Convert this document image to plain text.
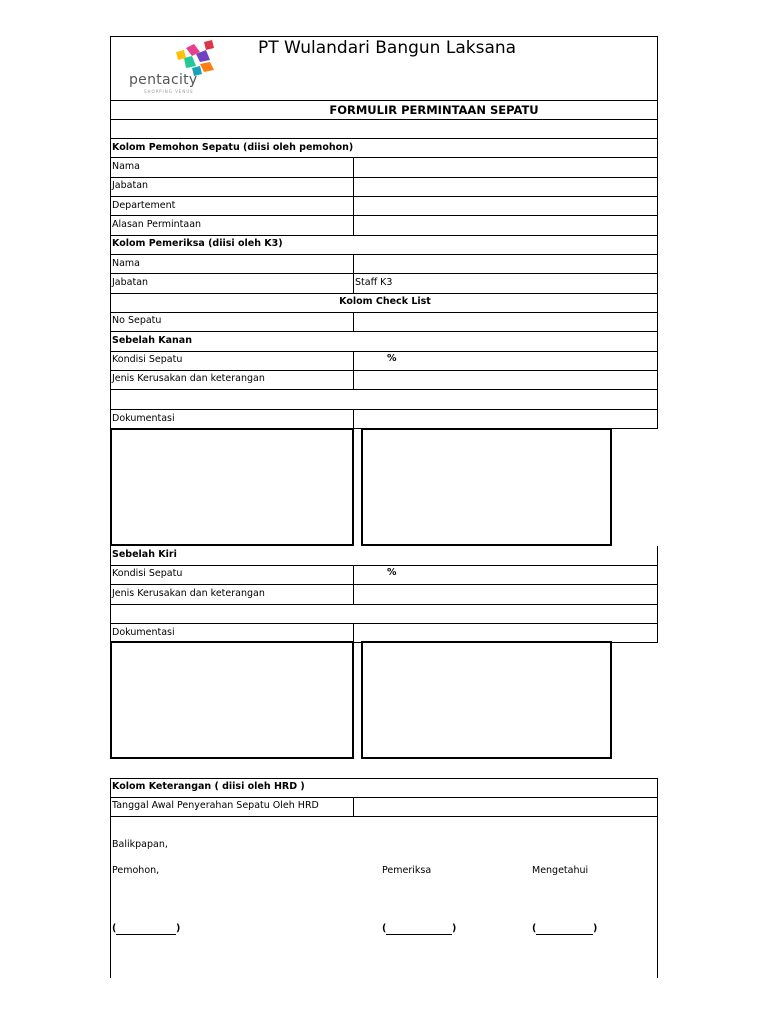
pentacity
SHOPPING VENUE
PT Wulandari Bangun Laksana
FORMULIR PERMINTAAN SEPATU
Kolom Pemohon Sepatu (diisi oleh pemohon)
Nama
Jabatan
Departement
Alasan Permintaan
Kolom Pemeriksa (diisi oleh K3)
Nama
Jabatan	Staff K3
Kolom Check List
No Sepatu
Sebelah Kanan
Kondisi Sepatu	%
Jenis Kerusakan dan keterangan
Dokumentasi
Sebelah Kiri
Kondisi Sepatu	%
Jenis Kerusakan dan keterangan
Dokumentasi
Kolom Keterangan ( diisi oleh HRD )
Tanggal Awal Penyerahan Sepatu Oleh HRD
Balikpapan,
Pemohon,	Pemeriksa	Mengetahui
(	)	(	)	(	)
